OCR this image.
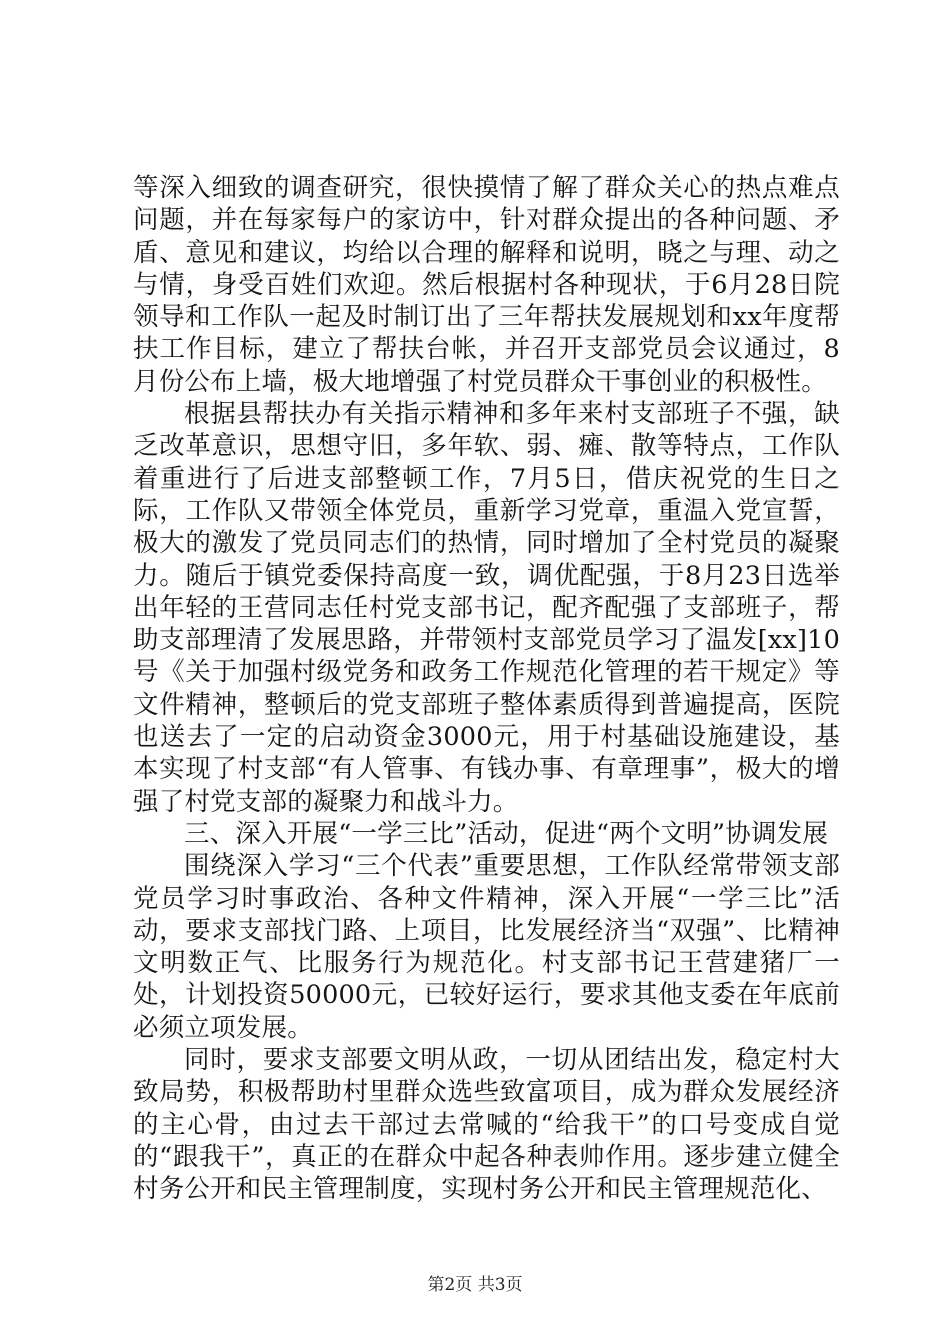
等深入细致的调查研究，很快摸情了解了群众关心的热点难点问题，并在每家每户的家访中，针对群众提出的各种问题、矛盾、意见和建议，均给以合理的解释和说明，晓之与理、动之与情，身受百姓们欢迎。然后根据村各种现状，于6月28日院领导和工作队一起及时制订出了三年帮扶发展规划和xx年度帮扶工作目标，建立了帮扶台帐，并召开支部党员会议通过，8月份公布上墙，极大地增强了村党员群众干事创业的积极性。

根据县帮扶办有关指示精神和多年来村支部班子不强，缺乏改革意识，思想守旧，多年软、弱、瘫、散等特点，工作队着重进行了后进支部整顿工作，7月5日，借庆祝党的生日之际，工作队又带领全体党员，重新学习党章，重温入党宣誓，极大的激发了党员同志们的热情，同时增加了全村党员的凝聚力。随后于镇党委保持高度一致，调优配强，于8月23日选举出年轻的王营同志任村党支部书记，配齐配强了支部班子，帮助支部理清了发展思路，并带领村支部党员学习了温发[xx]10号《关于加强村级党务和政务工作规范化管理的若干规定》等文件精神，整顿后的党支部班子整体素质得到普遍提高，医院也送去了一定的启动资金3000元，用于村基础设施建设，基本实现了村支部“有人管事、有钱办事、有章理事”，极大的增强了村党支部的凝聚力和战斗力。

三、深入开展“一学三比”活动，促进“两个文明”协调发展

围绕深入学习“三个代表”重要思想，工作队经常带领支部党员学习时事政治、各种文件精神，深入开展“一学三比”活动，要求支部找门路、上项目，比发展经济当“双强”、比精神文明数正气、比服务行为规范化。村支部书记王营建猪厂一处，计划投资50000元，已较好运行，要求其他支委在年底前必须立项发展。

同时，要求支部要文明从政，一切从团结出发，稳定村大致局势，积极帮助村里群众选些致富项目，成为群众发展经济的主心骨，由过去干部过去常喊的“给我干”的口号变成自觉的“跟我干”，真正的在群众中起各种表帅作用。逐步建立健全村务公开和民主管理制度，实现村务公开和民主管理规范化、

第2页 共3页
